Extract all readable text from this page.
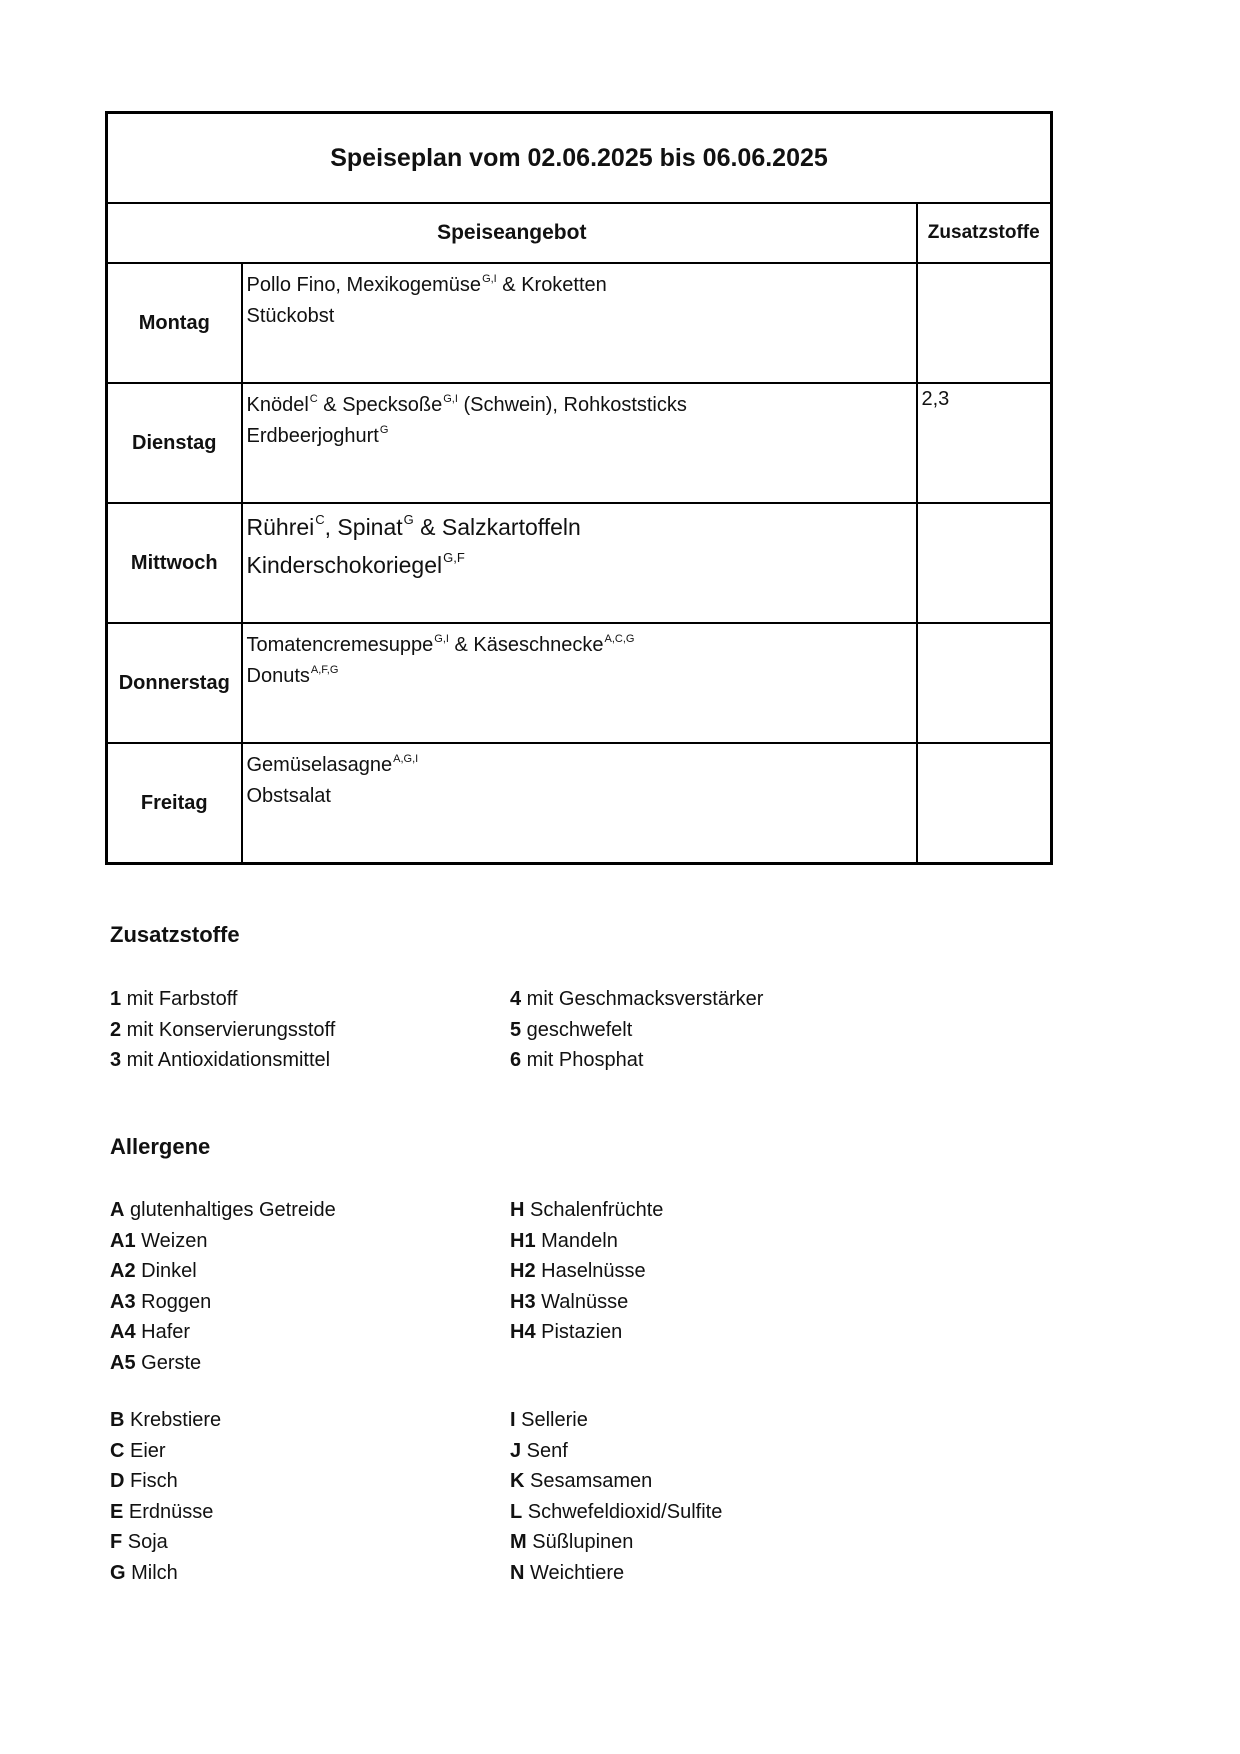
Speiseplan vom 02.06.2025 bis 06.06.2025		
Speiseangebot		Zusatzstoffe
Montag	Pollo Fino, Mexikogemüse$^{G,I}$ & Kroketten
Stückobst	

Dienstag	Knödel$^C$ & Specksoße$^{G,I}$ (Schwein), Rohkoststicks
Erdbeerjoghurt$^G$	2,3
Mittwoch	Rührei$^C$, Spinat$^G$ & Salzkartoffeln
Kinderschokoriegel$^{G,F}$

Donnerstag	Tomatencremesuppe$^{G,I}$ & Käseschnecke$^{A,C,G}$
Donuts$^{A,F,G}$

Freitag	Gemüselasagne$^{A,G,I}$
Obstsalat	

Zusatzstoffe
1 mit Farbstoff
2 mit Konservierungsstoff
3 mit Antioxidationsmittel
4 mit Geschmacksverstärker
5 geschwefelt
6 mit Phosphat
Allergene
A glutenhaltiges Getreide
A1 Weizen
A2 Dinkel
A3 Roggen
A4 Hafer
A5 Gerste
H Schalenfrüchte
H1 Mandeln
H2 Haselnüsse
H3 Walnüsse
H4 Pistazien
B Krebstiere
C Eier
D Fisch
E Erdnüsse
F Soja
G Milch
I Sellerie
J Senf
K Sesamsamen
L Schwefeldioxid/Sulfite
M Süßlupinen
N Weichtiere
